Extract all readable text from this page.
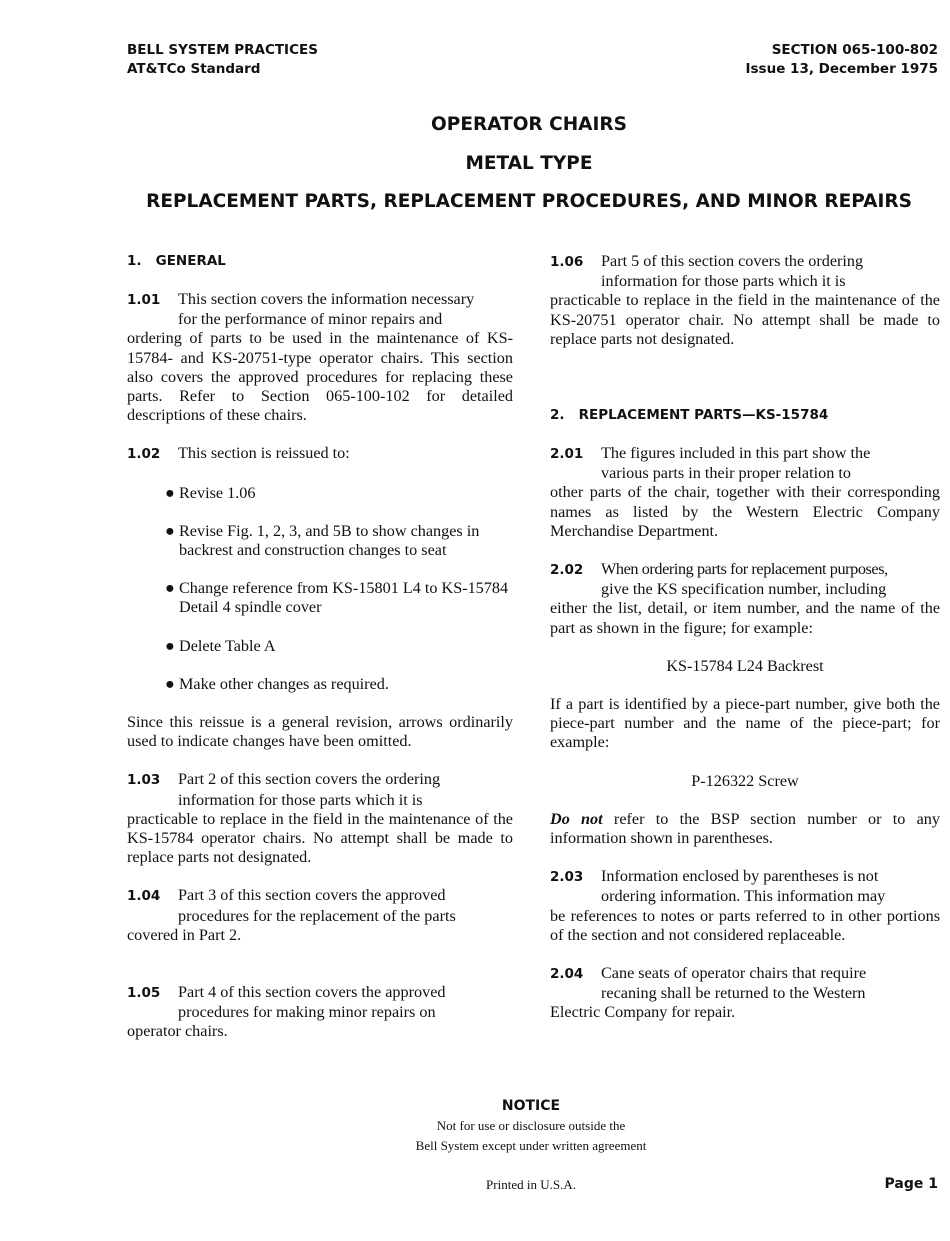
BELL SYSTEM PRACTICES
AT&TCo Standard
SECTION 065-100-802
Issue 13, December 1975
OPERATOR CHAIRS
METAL TYPE
REPLACEMENT PARTS, REPLACEMENT PROCEDURES, AND MINOR REPAIRS

1.   GENERAL

1.01 This section covers the information necessary
for the performance of minor repairs and
ordering of parts to be used in the maintenance of KS-15784- and KS-20751-type operator chairs. This section also covers the approved procedures for replacing these parts. Refer to Section 065-100-102 for detailed descriptions of these chairs.

1.02 This section is reissued to:

● Revise 1.06

● Revise Fig. 1, 2, 3, and 5B to show changes in backrest and construction changes to seat

● Change reference from KS-15801 L4 to KS-15784 Detail 4 spindle cover

● Delete Table A

● Make other changes as required.

Since this reissue is a general revision, arrows ordinarily used to indicate changes have been omitted.

1.03 Part 2 of this section covers the ordering
information for those parts which it is
practicable to replace in the field in the maintenance of the KS-15784 operator chairs. No attempt shall be made to replace parts not designated.

1.04 Part 3 of this section covers the approved
procedures for the replacement of the parts
covered in Part 2.

1.05 Part 4 of this section covers the approved
procedures for making minor repairs on
operator chairs.

1.06 Part 5 of this section covers the ordering
information for those parts which it is
practicable to replace in the field in the maintenance of the KS-20751 operator chair. No attempt shall be made to replace parts not designated.

2.   REPLACEMENT PARTS—KS-15784

2.01 The figures included in this part show the
various parts in their proper relation to
other parts of the chair, together with their corresponding names as listed by the Western Electric Company Merchandise Department.

2.02 When ordering parts for replacement purposes,
give the KS specification number, including
either the list, detail, or item number, and the name of the part as shown in the figure; for example:

KS-15784 L24 Backrest

If a part is identified by a piece-part number, give both the piece-part number and the name of the piece-part; for example:

P-126322 Screw

Do not refer to the BSP section number or to any information shown in parentheses.

2.03 Information enclosed by parentheses is not
ordering information. This information may
be references to notes or parts referred to in other portions of the section and not considered replaceable.

2.04 Cane seats of operator chairs that require
recaning shall be returned to the Western
Electric Company for repair.

NOTICE
Not for use or disclosure outside the
Bell System except under written agreement
Printed in U.S.A.	Page 1
